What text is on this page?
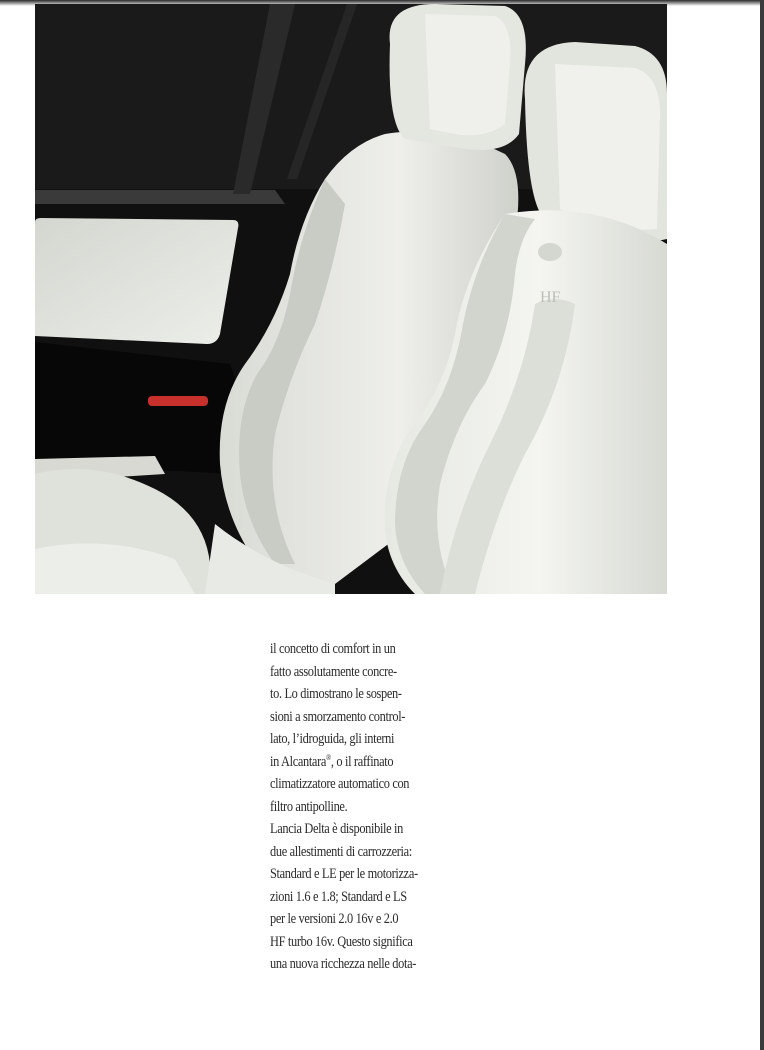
HF

il concetto di comfort in un
fatto assolutamente concre-
to. Lo dimostrano le sospen-
sioni a smorzamento control-
lato, l’idroguida, gli interni
in Alcantara®, o il raffinato
climatizzatore automatico con
filtro antipolline.
Lancia Delta è disponibile in
due allestimenti di carrozzeria:
Standard e LE per le motorizza-
zioni 1.6 e 1.8; Standard e LS
per le versioni 2.0 16v e 2.0
HF turbo 16v. Questo significa
una nuova ricchezza nelle dota-
